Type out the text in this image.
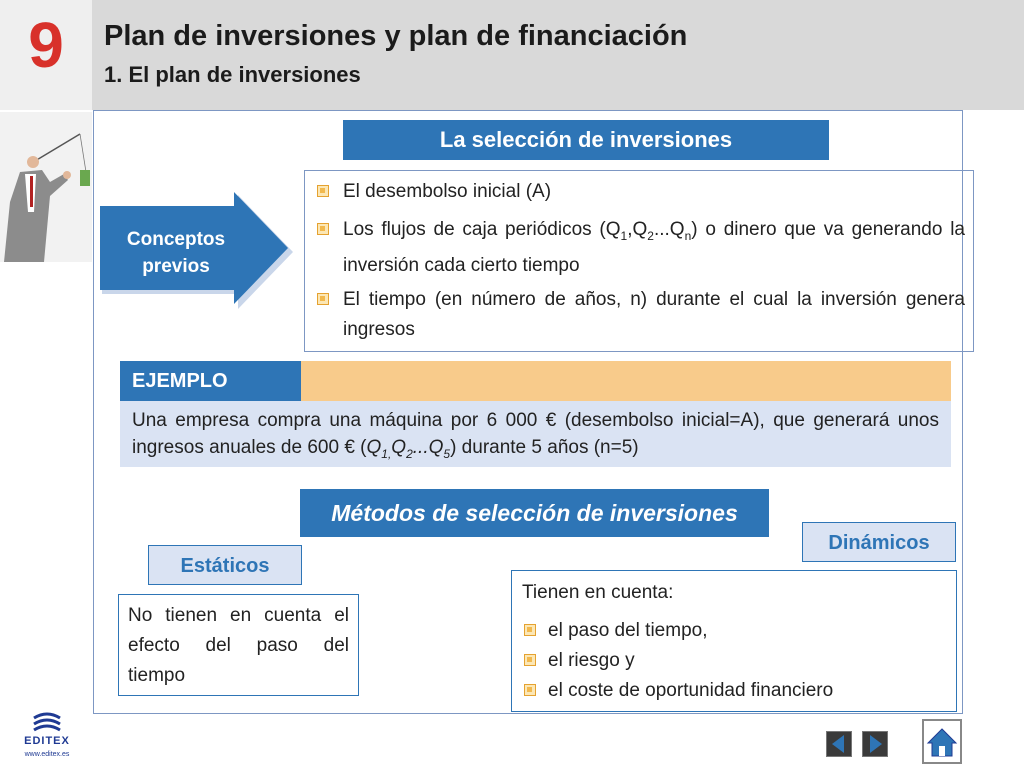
9	Plan de inversiones y plan de financiación
1. El plan de inversiones
La selección de inversiones
Conceptos
previos
El desembolso inicial (A)
Los flujos de caja periódicos $(Q_1,Q_2...Q_n)$ o dinero que va generando la inversión cada cierto tiempo
El tiempo (en número de años, n) durante el cual la inversión genera ingresos
EJEMPLO
Una empresa compra una máquina por 6 000 € (desembolso inicial=A), que generará unos ingresos anuales de 600 € $(Q_{1,}Q_2...Q_5)$ durante 5 años (n=5)
Métodos de selección de inversiones
Estáticos
No tienen en cuenta el efecto del paso del tiempo
Dinámicos
Tienen en cuenta:
el paso del tiempo,
el riesgo y
el coste de oportunidad financiero
EDITEX
www.editex.es
